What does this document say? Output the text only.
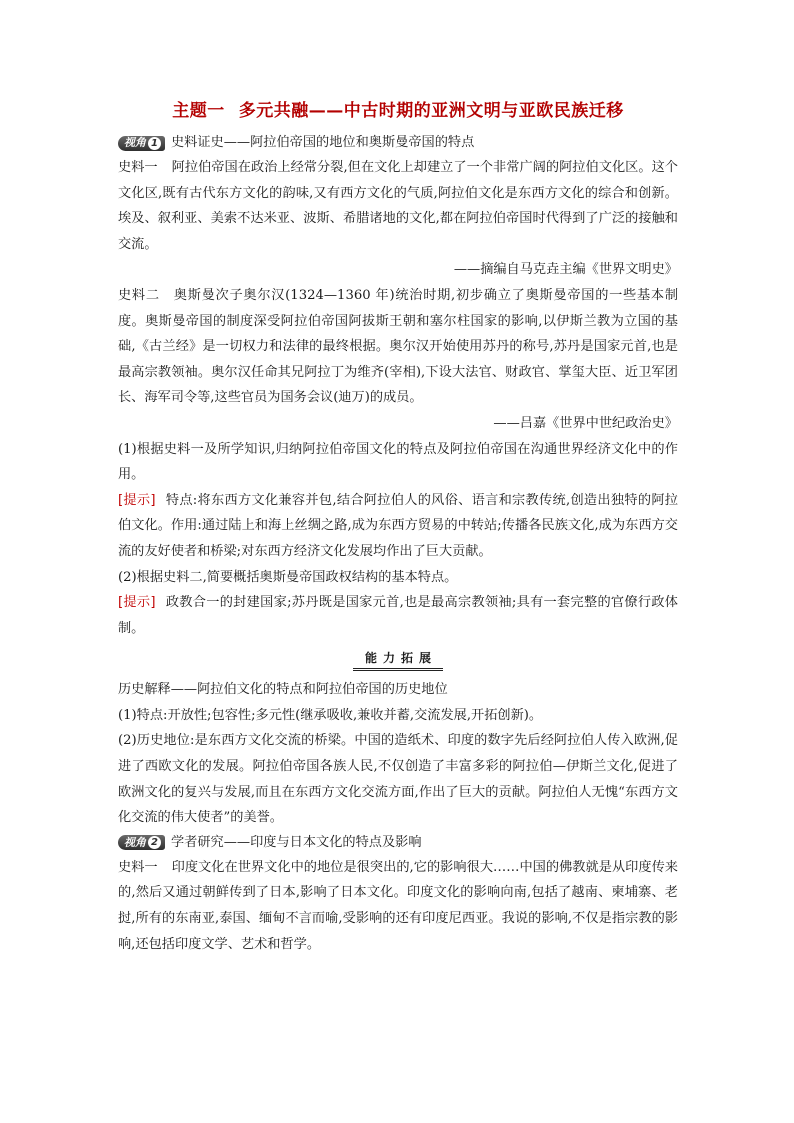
主题一 多元共融——中古时期的亚洲文明与亚欧民族迁移
视角 1 史料证史——阿拉伯帝国的地位和奥斯曼帝国的特点

史料一 阿拉伯帝国在政治上经常分裂,但在文化上却建立了一个非常广阔的阿拉伯文化区。这个文化区,既有古代东方文化的韵味,又有西方文化的气质,阿拉伯文化是东西方文化的综合和创新。埃及、叙利亚、美索不达米亚、波斯、希腊诸地的文化,都在阿拉伯帝国时代得到了广泛的接触和交流。

——摘编自马克垚主编《世界文明史》

史料二 奥斯曼次子奥尔汉(1324—1360 年)统治时期,初步确立了奥斯曼帝国的一些基本制度。奥斯曼帝国的制度深受阿拉伯帝国阿拔斯王朝和塞尔柱国家的影响,以伊斯兰教为立国的基础,《古兰经》是一切权力和法律的最终根据。奥尔汉开始使用苏丹的称号,苏丹是国家元首,也是最高宗教领袖。奥尔汉任命其兄阿拉丁为维齐(宰相),下设大法官、财政官、掌玺大臣、近卫军团长、海军司令等,这些官员为国务会议(迪万)的成员。

——吕嘉《世界中世纪政治史》

(1)根据史料一及所学知识,归纳阿拉伯帝国文化的特点及阿拉伯帝国在沟通世界经济文化中的作用。

[提示] 特点:将东西方文化兼容并包,结合阿拉伯人的风俗、语言和宗教传统,创造出独特的阿拉伯文化。作用:通过陆上和海上丝绸之路,成为东西方贸易的中转站;传播各民族文化,成为东西方交流的友好使者和桥梁;对东西方经济文化发展均作出了巨大贡献。

(2)根据史料二,简要概括奥斯曼帝国政权结构的基本特点。

[提示] 政教合一的封建国家;苏丹既是国家元首,也是最高宗教领袖;具有一套完整的官僚行政体制。

能力拓展

历史解释——阿拉伯文化的特点和阿拉伯帝国的历史地位

(1)特点:开放性;包容性;多元性(继承吸收,兼收并蓄,交流发展,开拓创新)。

(2)历史地位:是东西方文化交流的桥梁。中国的造纸术、印度的数字先后经阿拉伯人传入欧洲,促进了西欧文化的发展。阿拉伯帝国各族人民,不仅创造了丰富多彩的阿拉伯—伊斯兰文化,促进了欧洲文化的复兴与发展,而且在东西方文化交流方面,作出了巨大的贡献。阿拉伯人无愧“东西方文化交流的伟大使者”的美誉。

视角 2 学者研究——印度与日本文化的特点及影响

史料一 印度文化在世界文化中的地位是很突出的,它的影响很大……中国的佛教就是从印度传来的,然后又通过朝鲜传到了日本,影响了日本文化。印度文化的影响向南,包括了越南、柬埔寨、老挝,所有的东南亚,泰国、缅甸不言而喻,受影响的还有印度尼西亚。我说的影响,不仅是指宗教的影响,还包括印度文学、艺术和哲学。
